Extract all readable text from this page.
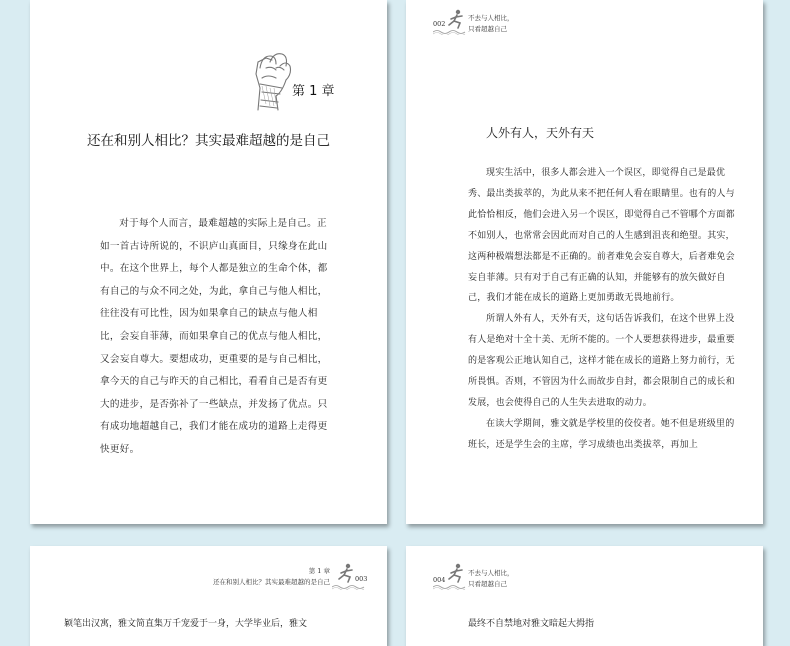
第 1 章
还在和别人相比？其实最难超越的是自己

对于每个人而言，最难超越的实际上是自己。正如一首古诗所说的，不识庐山真面目，只缘身在此山中。在这个世界上，每个人都是独立的生命个体，都有自己的与众不同之处，为此，拿自己与他人相比，往往没有可比性，因为如果拿自己的缺点与他人相比，会妄自菲薄，而如果拿自己的优点与他人相比，又会妄自尊大。要想成功，更重要的是与自己相比，拿今天的自己与昨天的自己相比，看看自己是否有更大的进步，是否弥补了一些缺点，并发扬了优点。只有成功地超越自己，我们才能在成功的道路上走得更快更好。

002
不去与人相比，
只看超越自己
人外有人，天外有天

现实生活中，很多人都会进入一个误区，即觉得自己是最优秀、最出类拔萃的，为此从来不把任何人看在眼睛里。也有的人与此恰恰相反，他们会进入另一个误区，即觉得自己不管哪个方面都不如别人，也常常会因此而对自己的人生感到沮丧和绝望。其实，这两种极端想法都是不正确的。前者难免会妄自尊大，后者难免会妄自菲薄。只有对于自己有正确的认知，并能够有的放矢做好自己，我们才能在成长的道路上更加勇敢无畏地前行。

所谓人外有人，天外有天，这句话告诉我们，在这个世界上没有人是绝对十全十美、无所不能的。一个人要想获得进步，最重要的是客观公正地认知自己，这样才能在成长的道路上努力前行，无所畏惧。否则，不管因为什么而故步自封，都会限制自己的成长和发展，也会使得自己的人生失去进取的动力。

在读大学期间，雅文就是学校里的佼佼者。她不但是班级里的班长，还是学生会的主席，学习成绩也出类拔萃，再加上

第 1 章
还在和别人相比？其实最难超越的是自己	003
颖笔出汉寓，雅文简直集万千宠爱于一身，大学毕业后，雅文
004
不去与人相比，
只看超越自己
最终不自禁地对雅文暗起大拇指
